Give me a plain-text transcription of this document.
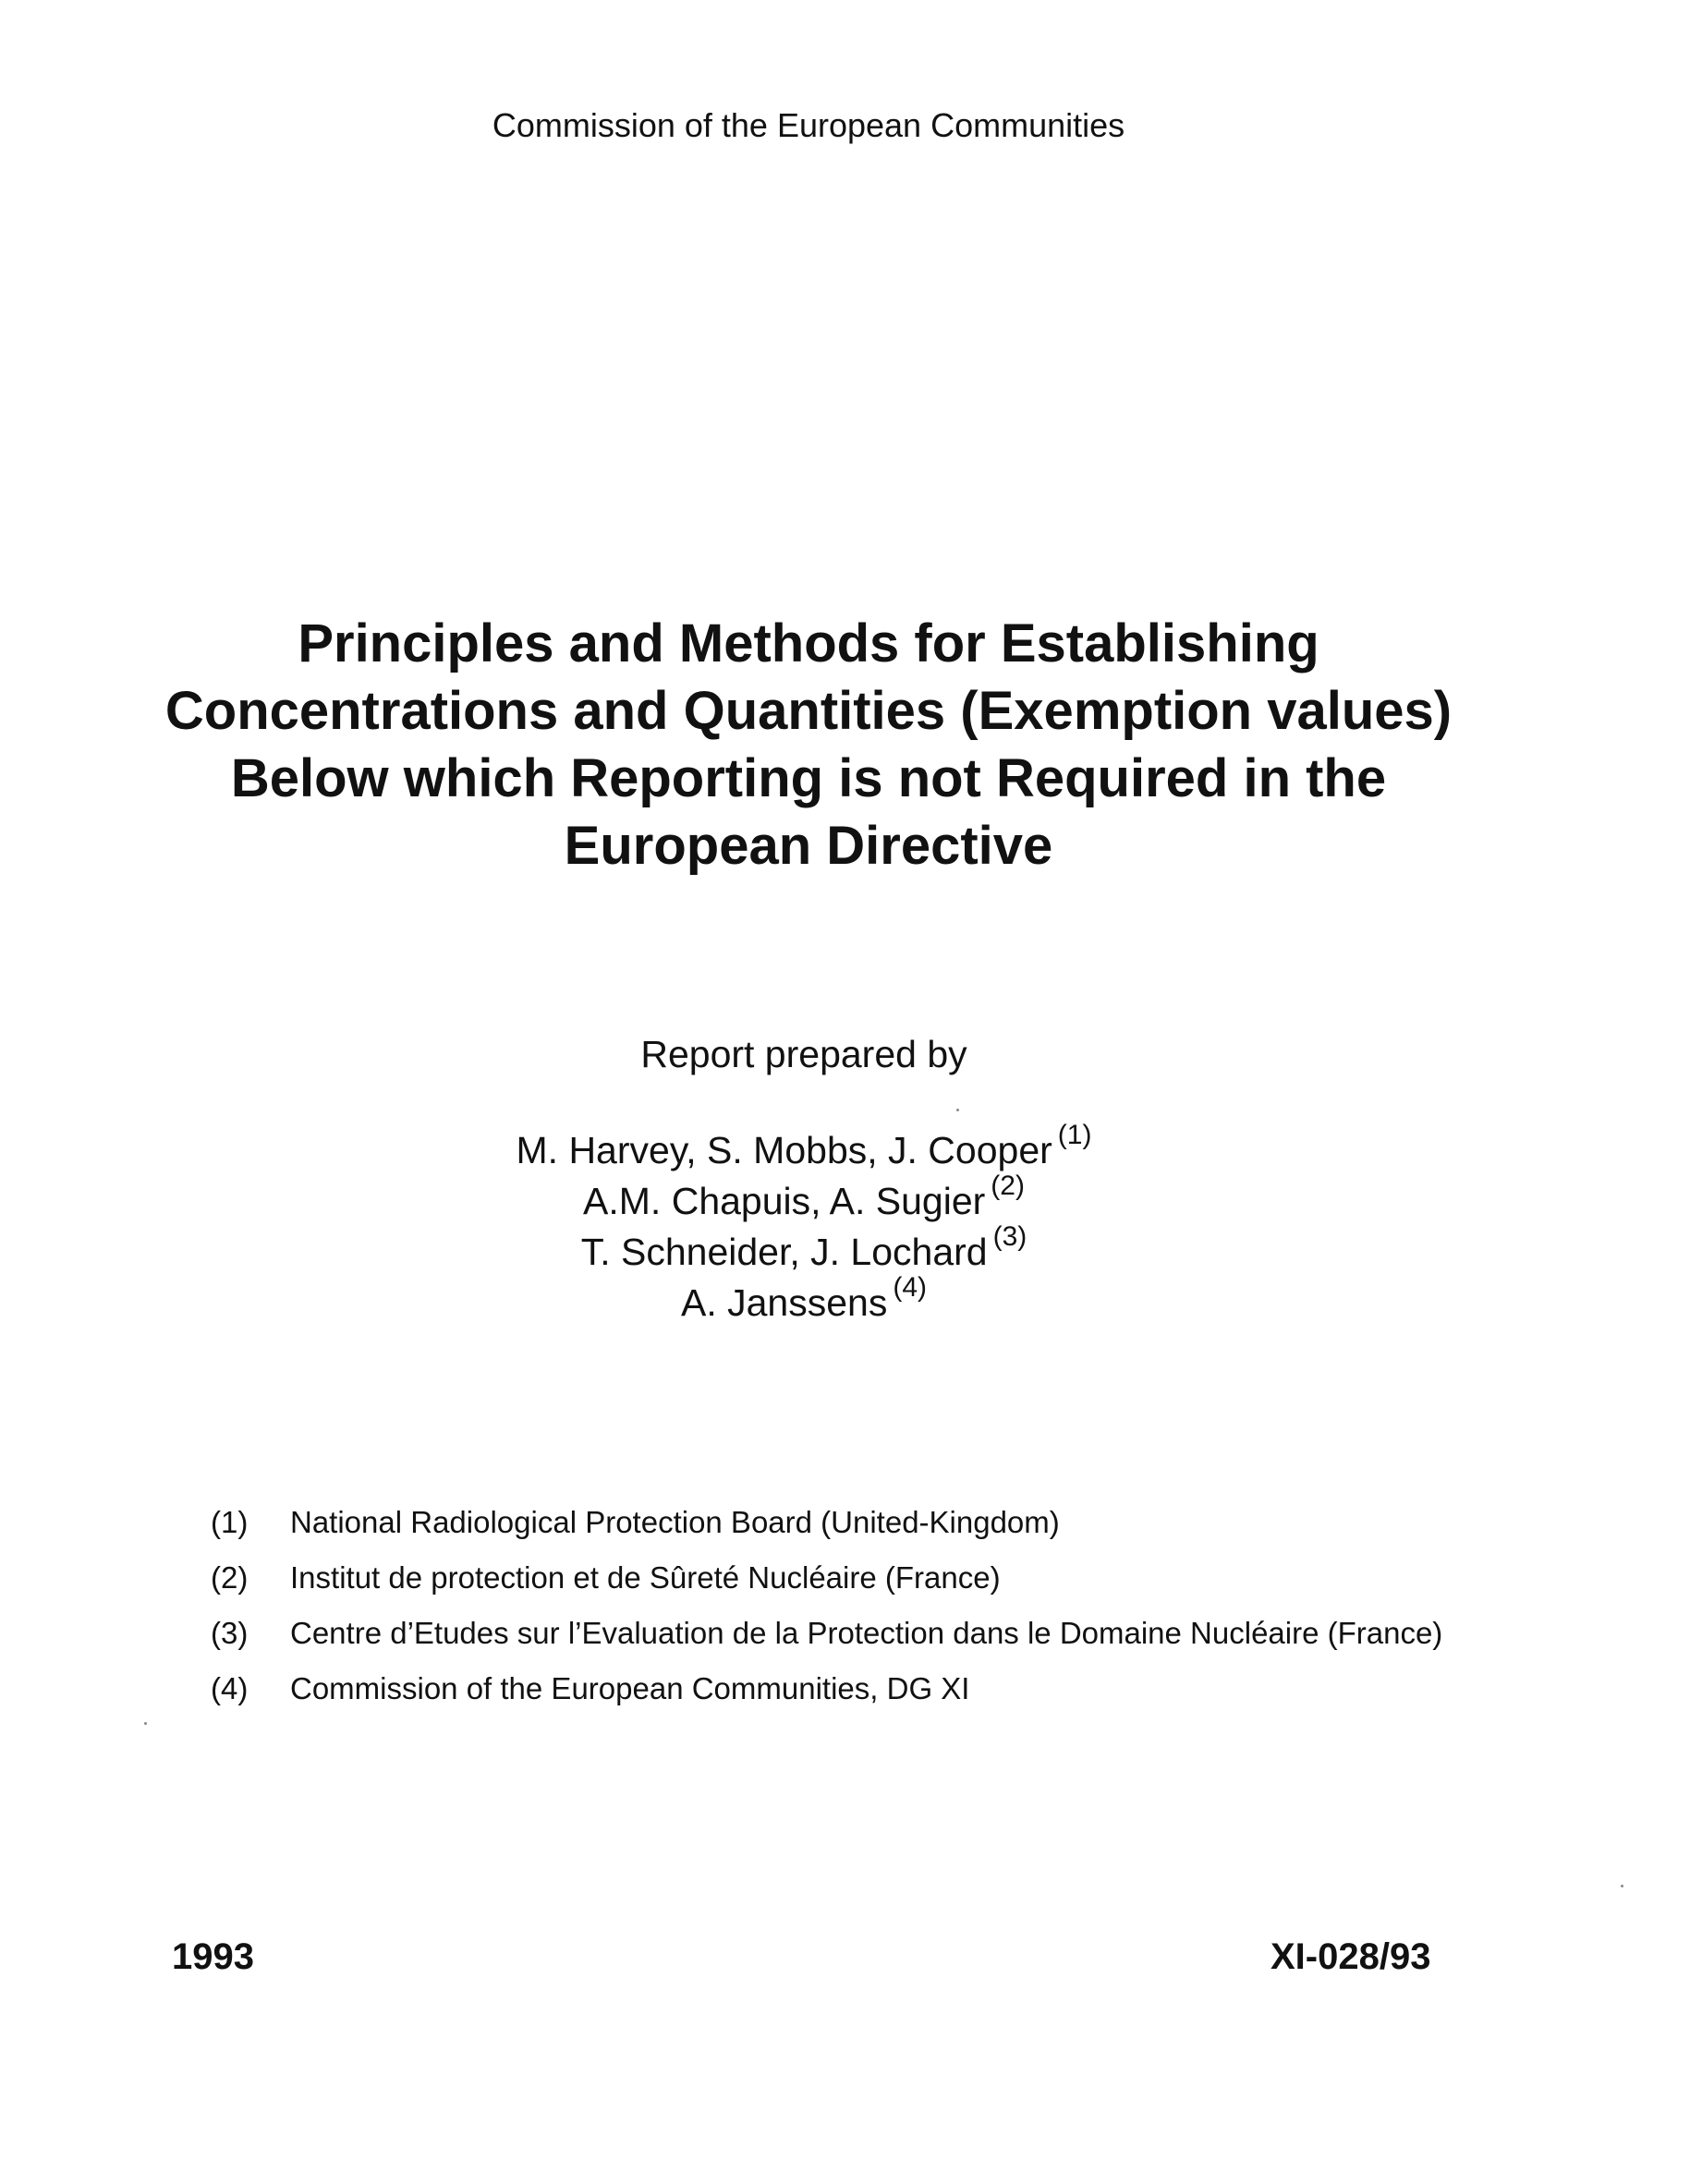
Commission of the European Communities
Principles and Methods for Establishing
Concentrations and Quantities (Exemption values)
Below which Reporting is not Required in the
European Directive
Report prepared by
M. Harvey, S. Mobbs, J. Cooper $^{(1)}$
A.M. Chapuis, A. Sugier $^{(2)}$
T. Schneider, J. Lochard $^{(3)}$
A. Janssens $^{(4)}$
(1)	National Radiological Protection Board (United-Kingdom)
(2)	Institut de protection et de Sûreté Nucléaire (France)
(3)	Centre d’Etudes sur l’Evaluation de la Protection dans le Domaine Nucléaire (France)
(4)	Commission of the European Communities, DG XI
1993	XI-028/93
